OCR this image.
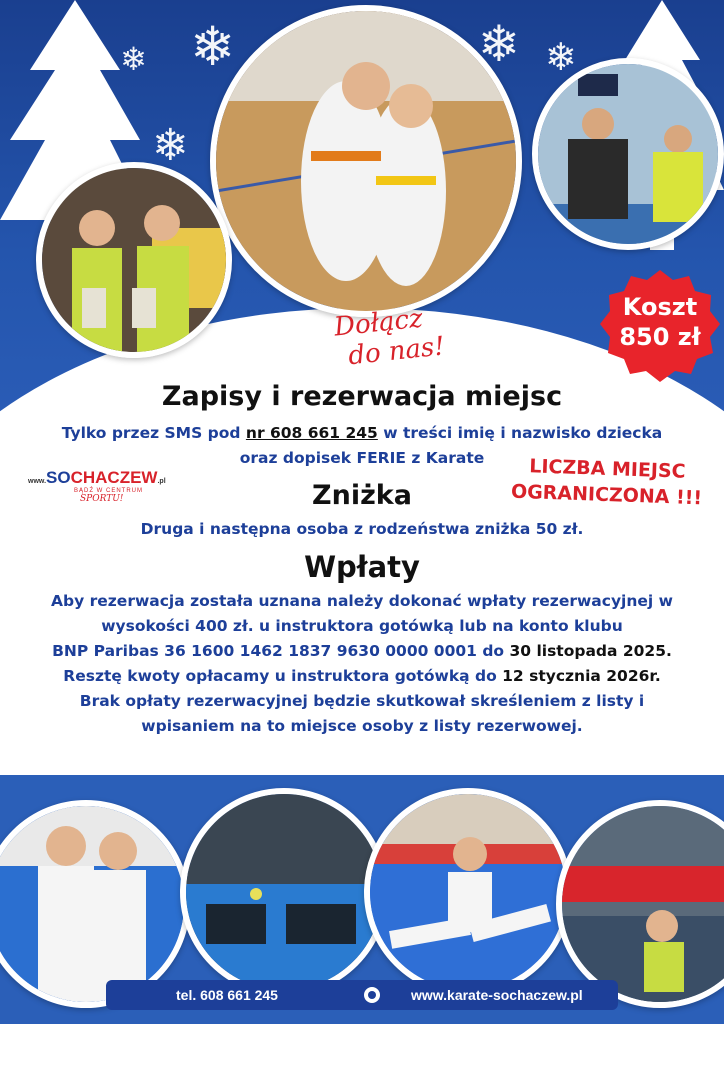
❄	❄ ❄
❄
❄
Koszt
850 zł
Dołącz
do nas!
Zapisy i rezerwacja miejsc
Tylko przez SMS pod nr 608 661 245 w treści imię i nazwisko dziecka
oraz dopisek FERIE z Karate
www.SOCHACZEW.pl
BĄDŹ W CENTRUM
SPORTU!
LICZBA MIEJSC
OGRANICZONA !!!
Zniżka
Druga i następna osoba z rodzeństwa zniżka 50 zł.
Wpłaty
Aby rezerwacja została uznana należy dokonać wpłaty rezerwacyjnej w
wysokości 400 zł. u instruktora gotówką lub na konto klubu
BNP Paribas 36 1600 1462 1837 9630 0000 0001 do 30 listopada 2025.
Resztę kwoty opłacamy u instruktora gotówką do 12 stycznia 2026r.
Brak opłaty rezerwacyjnej będzie skutkował skreśleniem z listy i
wpisaniem na to miejsce osoby z listy rezerwowej.
tel. 608 661 245	www.karate-sochaczew.pl
